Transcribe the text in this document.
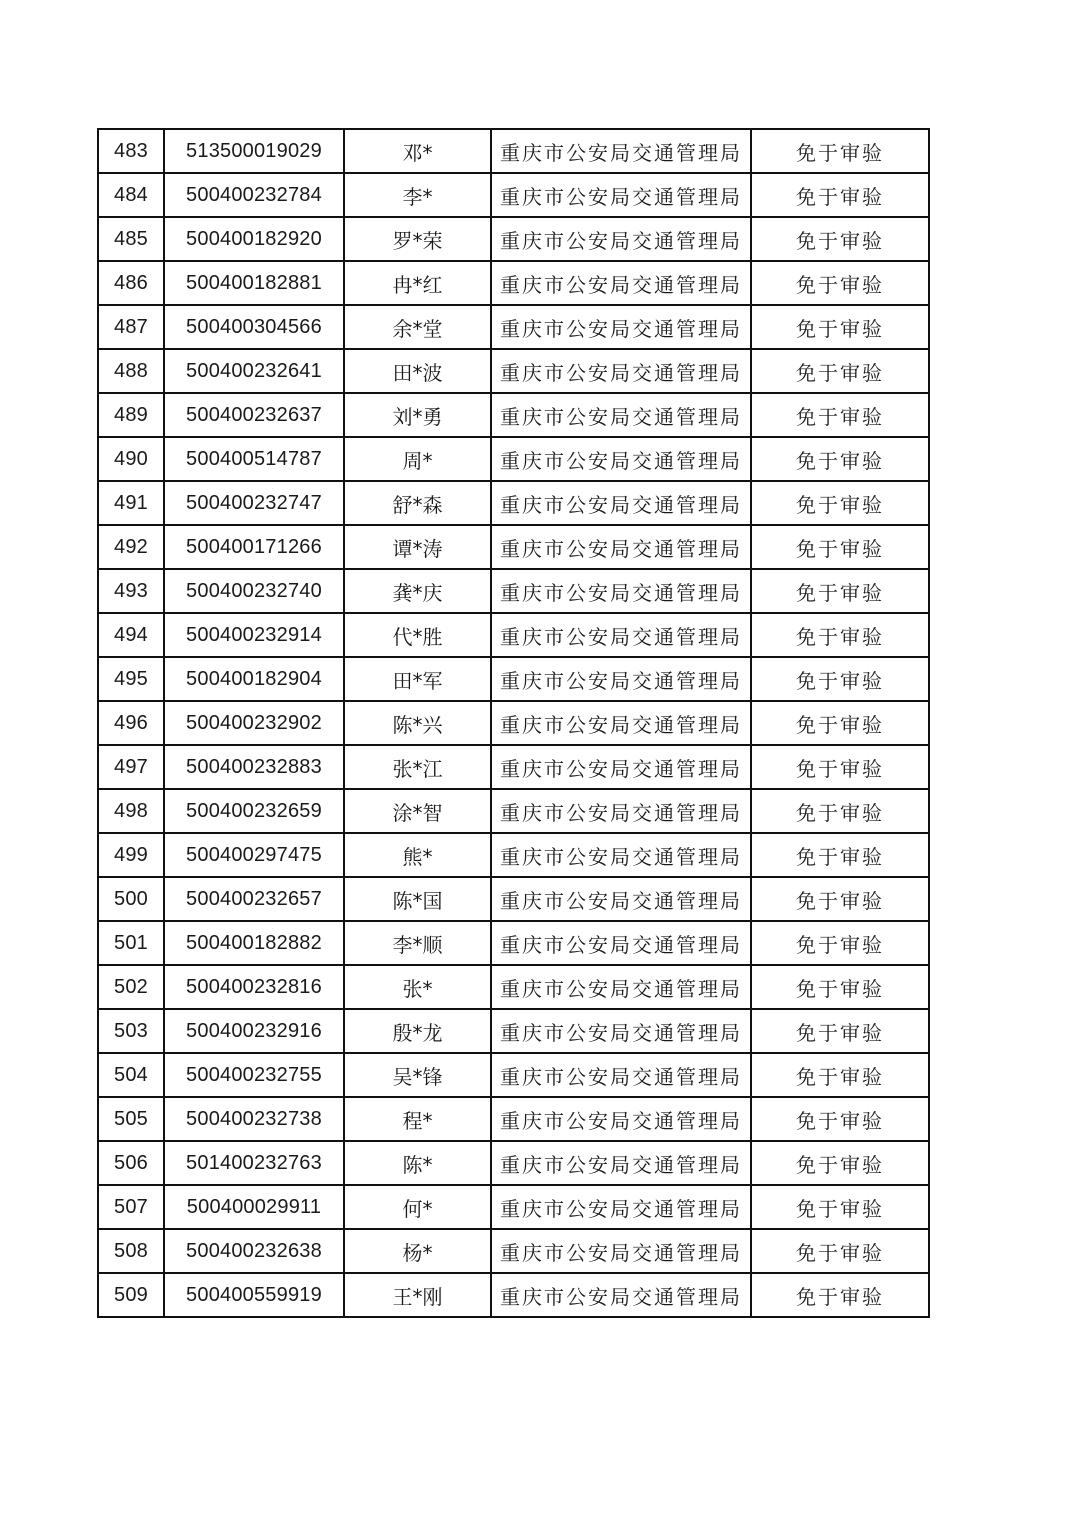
483	513500019029	邓*	重庆市公安局交通管理局	免于审验
484	500400232784	李*	重庆市公安局交通管理局	免于审验
485	500400182920	罗*荣	重庆市公安局交通管理局	免于审验
486	500400182881	冉*红	重庆市公安局交通管理局	免于审验
487	500400304566	余*堂	重庆市公安局交通管理局	免于审验
488	500400232641	田*波	重庆市公安局交通管理局	免于审验
489	500400232637	刘*勇	重庆市公安局交通管理局	免于审验
490	500400514787	周*	重庆市公安局交通管理局	免于审验
491	500400232747	舒*森	重庆市公安局交通管理局	免于审验
492	500400171266	谭*涛	重庆市公安局交通管理局	免于审验
493	500400232740	龚*庆	重庆市公安局交通管理局	免于审验
494	500400232914	代*胜	重庆市公安局交通管理局	免于审验
495	500400182904	田*军	重庆市公安局交通管理局	免于审验
496	500400232902	陈*兴	重庆市公安局交通管理局	免于审验
497	500400232883	张*江	重庆市公安局交通管理局	免于审验
498	500400232659	涂*智	重庆市公安局交通管理局	免于审验
499	500400297475	熊*	重庆市公安局交通管理局	免于审验
500	500400232657	陈*国	重庆市公安局交通管理局	免于审验
501	500400182882	李*顺	重庆市公安局交通管理局	免于审验
502	500400232816	张*	重庆市公安局交通管理局	免于审验
503	500400232916	殷*龙	重庆市公安局交通管理局	免于审验
504	500400232755	吴*锋	重庆市公安局交通管理局	免于审验
505	500400232738	程*	重庆市公安局交通管理局	免于审验
506	501400232763	陈*	重庆市公安局交通管理局	免于审验
507	500400029911	何*	重庆市公安局交通管理局	免于审验
508	500400232638	杨*	重庆市公安局交通管理局	免于审验
509	500400559919	王*刚	重庆市公安局交通管理局	免于审验
